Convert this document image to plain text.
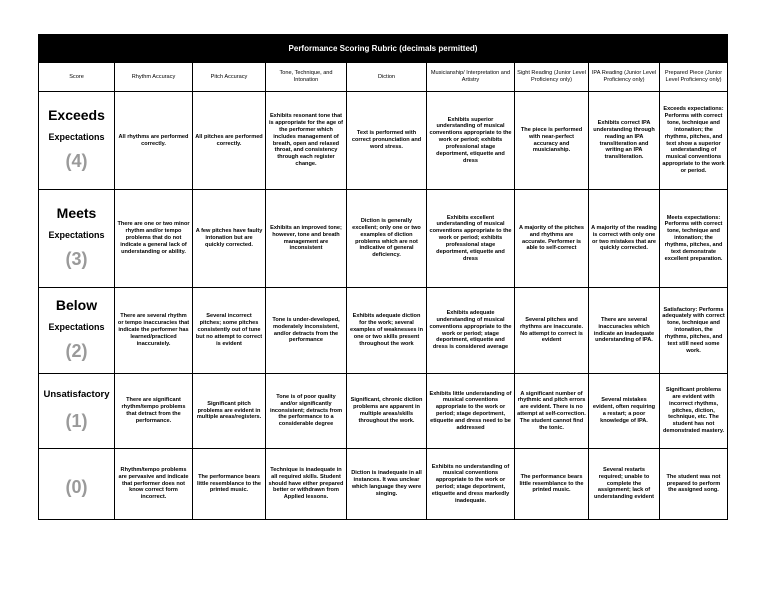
Performance Scoring Rubric (decimals permitted)								
Score	Rhythm Accuracy	Pitch Accuracy	Tone, Technique, and Intonation	Diction	Musicianship/ Interpretation and Artistry	Sight Reading (Junior Level Proficiency only)	IPA Reading (Junior Level Proficiency only)	Prepared Piece (Junior Level Proficiency only)

Exceeds
Expectations
(4)	All rhythms are performed correctly.	All pitches are performed correctly.	Exhibits resonant tone that is appropriate for the age of the performer which includes management of breath, open and relaxed throat, and consistency through each register change.	Text is performed with correct pronunciation and word stress.	Exhibits superior understanding of musical conventions appropriate to the work or period; exhibits professional stage deportment, etiquette and dress	The piece is performed with near-perfect accuracy and musicianship.	Exhibits correct IPA understanding through reading an IPA transliteration and writing an IPA transliteration.	Exceeds expectations: Performs with correct tone, technique and intonation; the rhythms, pitches, and text show a superior understanding of musical conventions appropriate to the work or period.

Meets
Expectations
(3)	There are one or two minor rhythm and/or tempo problems that do not indicate a general lack of understanding or ability.	A few pitches have faulty intonation but are quickly corrected.	Exhibits an improved tone; however, tone and breath management are inconsistent	Diction is generally excellent; only one or two examples of diction problems which are not indicative of general deficiency.	Exhibits excellent understanding of musical conventions appropriate to the work or period; exhibits professional stage deportment, etiquette and dress	A majority of the pitches and rhythms are accurate. Performer is able to self-correct	A majority of the reading is correct with only one or two mistakes that are quickly corrected.	Meets expectations: Performs with correct tone, technique and intonation; the rhythms, pitches, and text demonstrate excellent preparation.

Below
Expectations
(2)	There are several rhythm or tempo inaccuracies that indicate the performer has learned/practiced inaccurately.	Several incorrect pitches; some pitches consistently out of tune but no attempt to correct is evident	Tone is under-developed, moderately inconsistent, and/or detracts from the performance	Exhibits adequate diction for the work; several examples of weaknesses in one or two skills present throughout the work	Exhibits adequate understanding of musical conventions appropriate to the work or period; stage deportment, etiquette and dress is considered average	Several pitches and rhythms are inaccurate. No attempt to correct is evident	There are several inaccuracies which indicate an inadequate understanding of IPA.	Satisfactory: Performs adequately with correct tone, technique and intonation, the rhythms, pitches, and text still need some work.

Unsatisfactory
(1)	There are significant rhythm/tempo problems that detract from the performance.	Significant pitch problems are evident in multiple areas/registers.	Tone is of poor quality and/or significantly inconsistent; detracts from the performance to a considerable degree	Significant, chronic diction problems are apparent in multiple areas/skills throughout the work.	Exhibits little understanding of musical conventions appropriate to the work or period; stage deportment, etiquette and dress need to be addressed	A significant number of rhythmic and pitch errors are evident. There is no attempt at self-correction. The student cannot find the tonic.	Several mistakes evident, often requiring a restart; a poor knowledge of IPA.	Significant problems are evident with incorrect rhythms, pitches, diction, technique, etc. The student has not demonstrated mastery.

(0)	Rhythm/tempo problems are pervasive and indicate that performer does not know correct form incorrect.	The performance bears little resemblance to the printed music.	Technique is inadequate in all required skills. Student should have either prepared better or withdrawn from Applied lessons.	Diction is inadequate in all instances. It was unclear which language they were singing.	Exhibits no understanding of musical conventions appropriate to the work or period; stage deportment, etiquette and dress markedly inadequate.	The performance bears little resemblance to the printed music.	Several restarts required; unable to complete the assignment; lack of understanding evident	The student was not prepared to perform the assigned song.
